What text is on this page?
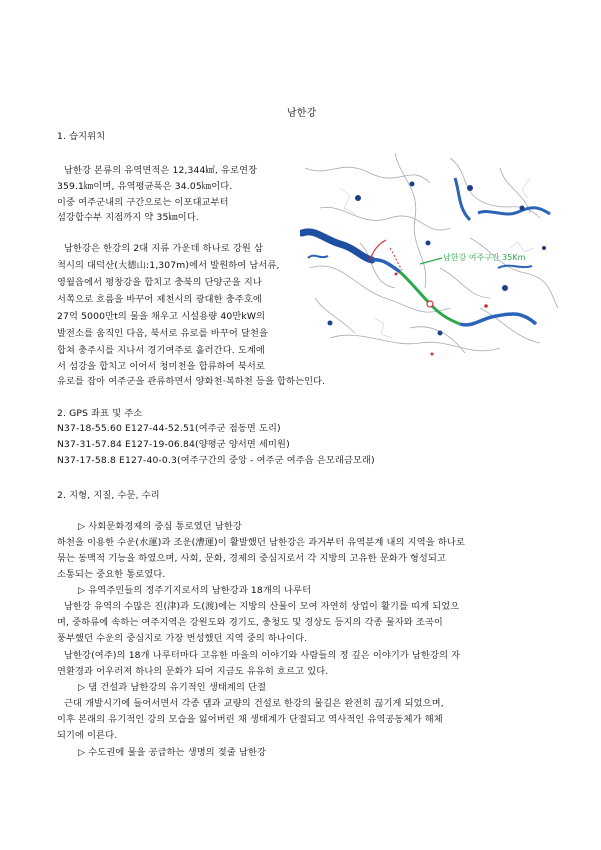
남한강
1. 습지위치
남한강 본류의 유역면적은 12,344㎢, 유로연장
359.1㎞이며, 유역평균폭은 34.05㎞이다.
이중 여주군내의 구간으로는 이포대교부터
섬강합수부 지점까지 약 35㎞이다.
남한강은 한강의 2대 지류 가운데 하나로 강원 삼
척시의 대덕산(大德山:1,307m)에서 발원하여 남서류,
영월읍에서 평창강을 합치고 충북의 단양군을 지나
서쪽으로 흐름을 바꾸어 제천시의 광대한 충주호에
27억 5000만t의 물을 채우고 시설용량 40만kW의
발전소를 움직인 다음, 북서로 유로를 바꾸어 달천을
합쳐 충주시를 지나서 경기여주로 흘러간다. 도계에
서 섬강을 합치고 이어서 청미천을 합류하여 북서로
유로를 잡아 여주군을 관류하면서 양화천·복하천 등을 합하는인다.
남한강 여주구간 35Km
2. GPS 좌표 및 주소
N37-18-55.60 E127-44-52.51(여주군 점동면 도리)
N37-31-57.84 E127-19-06.84(양평군 양서면 세미원)
N37-17-58.8 E127-40-0.3(여주구간의 중앙 - 여주군 여주읍 은모래금모래)
2. 지형, 지질, 수문, 수리
▷ 사회문화경제의 중심 통로였던 남한강
하천을 이용한 수운(水運)과 조운(漕運)이 활발했던 남한강은 과거부터 유역분계 내의 지역을 하나로
묶는 동맥적 기능을 하였으며, 사회, 문화, 경제의 중심지로서 각 지방의 고유한 문화가 형성되고
소통되는 중요한 통로였다.
▷ 유역주민들의 정주기지로서의 남한강과 18개의 나루터
남한강 유역의 수많은 진(津)과 도(渡)에는 지방의 산물이 모여 자연히 상업이 활기를 띠게 되었으
며, 중하류에 속하는 여주지역은 강원도와 경기도, 충청도 및 경상도 등지의 각종 물자와 조곡이
풍부했던 수운의 중심지로 가장 번성했던 지역 중의 하나이다.
남한강(여주)의 18개 나루터마다 고유한 마을의 이야기와 사람들의 정 깊은 이야기가 남한강의 자
연환경과 어우러져 하나의 문화가 되어 지금도 유유히 흐르고 있다.
▷ 댐 건설과 남한강의 유기적인 생태계의 단절
근대 개발시기에 들어서면서 각종 댐과 교량의 건설로 한강의 물길은 완전히 끊기게 되었으며,
이후 본래의 유기적인 강의 모습을 잃어버린 채 생태계가 단절되고 역사적인 유역공동체가 해체
되기에 이른다.
▷ 수도권에 물을 공급하는 생명의 젖줄 남한강
